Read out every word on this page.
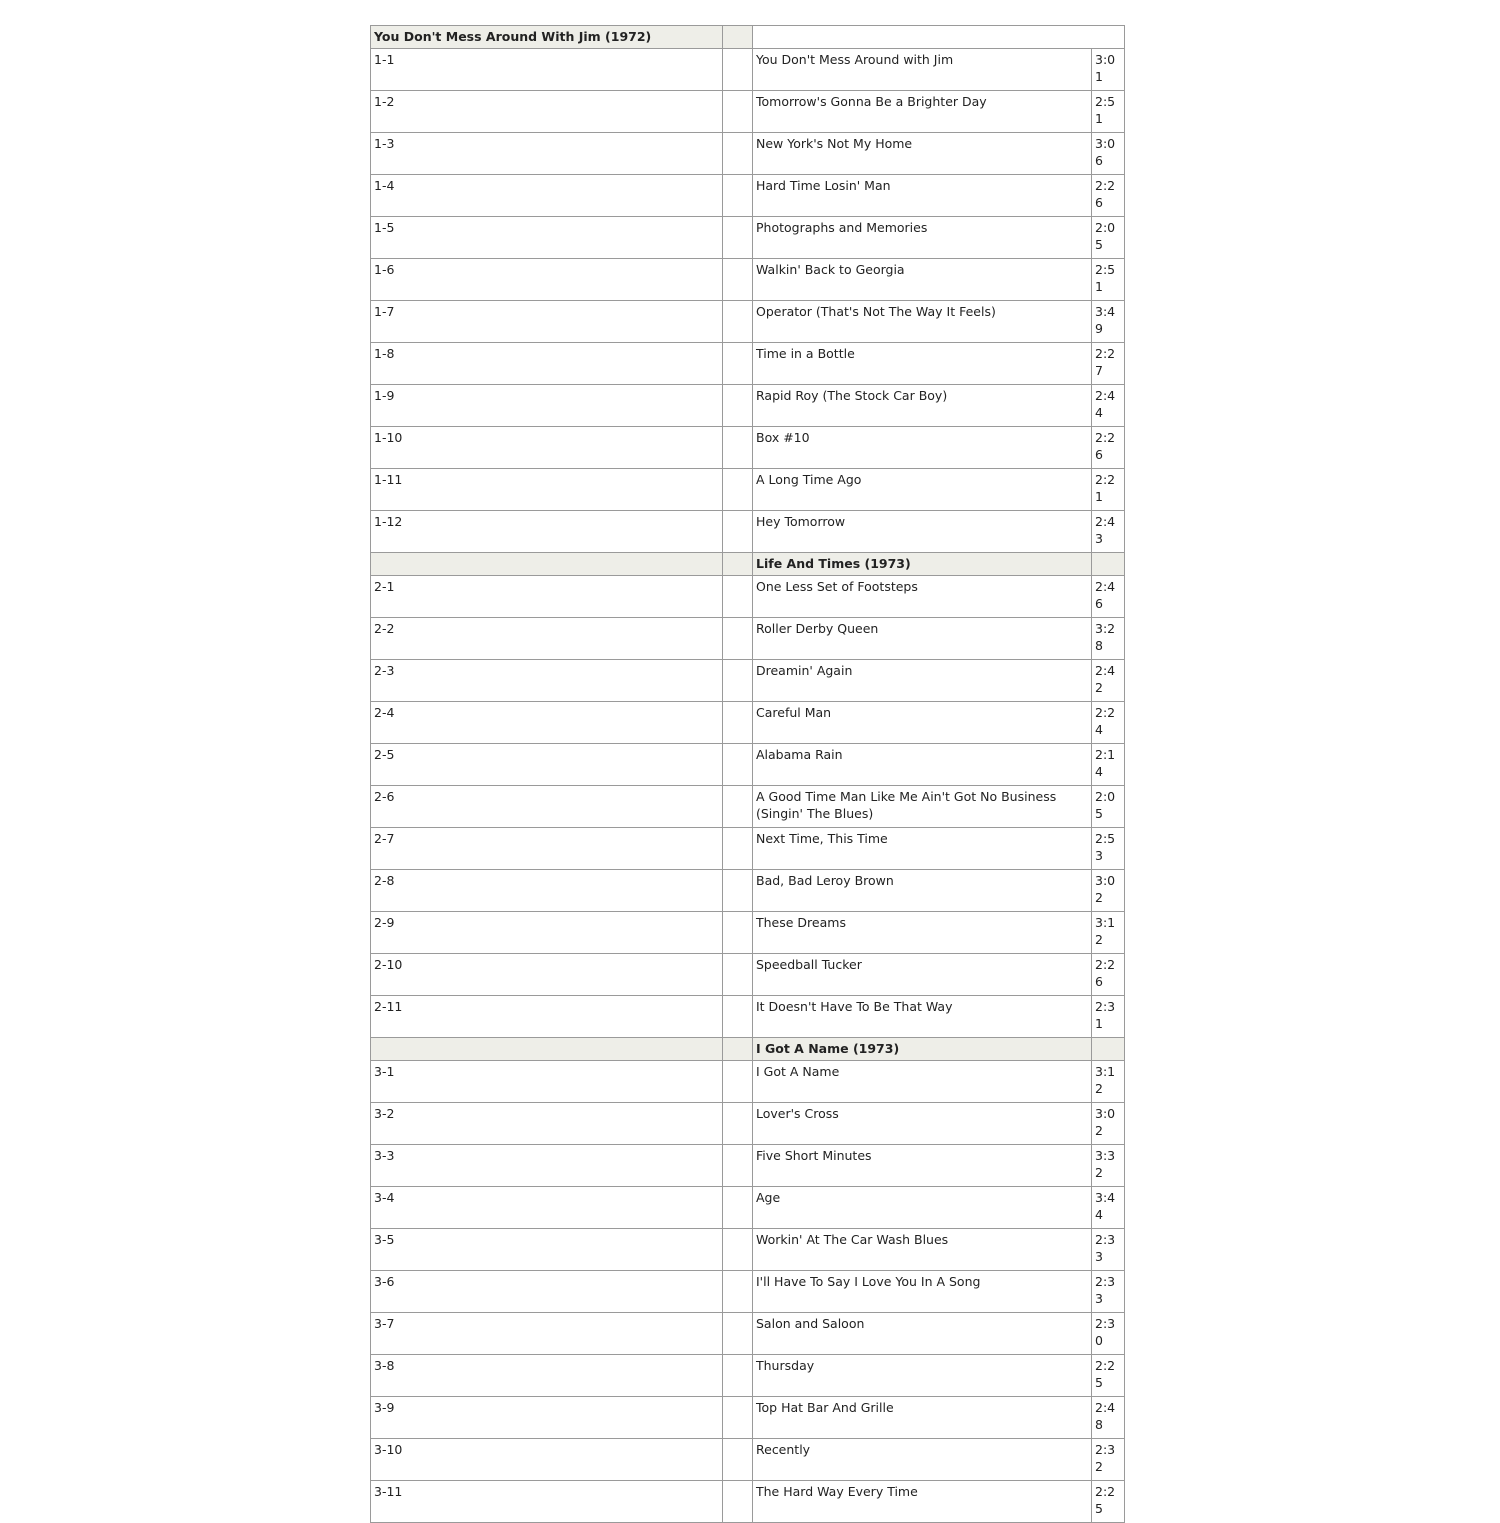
You Don't Mess Around With Jim (1972)			
1-1		You Don't Mess Around with Jim	3:01
1-2		Tomorrow's Gonna Be a Brighter Day	2:51
1-3		New York's Not My Home	3:06
1-4		Hard Time Losin' Man	2:26
1-5		Photographs and Memories	2:05
1-6		Walkin' Back to Georgia	2:51
1-7		Operator (That's Not The Way It Feels)	3:49
1-8		Time in a Bottle	2:27
1-9		Rapid Roy (The Stock Car Boy)	2:44
1-10		Box #10	2:26
1-11		A Long Time Ago	2:21
1-12		Hey Tomorrow	2:43
		Life And Times (1973)	
2-1		One Less Set of Footsteps	2:46
2-2		Roller Derby Queen	3:28
2-3		Dreamin' Again	2:42
2-4		Careful Man	2:24
2-5		Alabama Rain	2:14
2-6		A Good Time Man Like Me Ain't Got No Business (Singin' The Blues)	2:05
2-7		Next Time, This Time	2:53
2-8		Bad, Bad Leroy Brown	3:02
2-9		These Dreams	3:12
2-10		Speedball Tucker	2:26
2-11		It Doesn't Have To Be That Way	2:31
		I Got A Name (1973)	
3-1		I Got A Name	3:12
3-2		Lover's Cross	3:02
3-3		Five Short Minutes	3:32
3-4		Age	3:44
3-5		Workin' At The Car Wash Blues	2:33
3-6		I'll Have To Say I Love You In A Song	2:33
3-7		Salon and Saloon	2:30
3-8		Thursday	2:25
3-9		Top Hat Bar And Grille	2:48
3-10		Recently	2:32
3-11		The Hard Way Every Time	2:25
